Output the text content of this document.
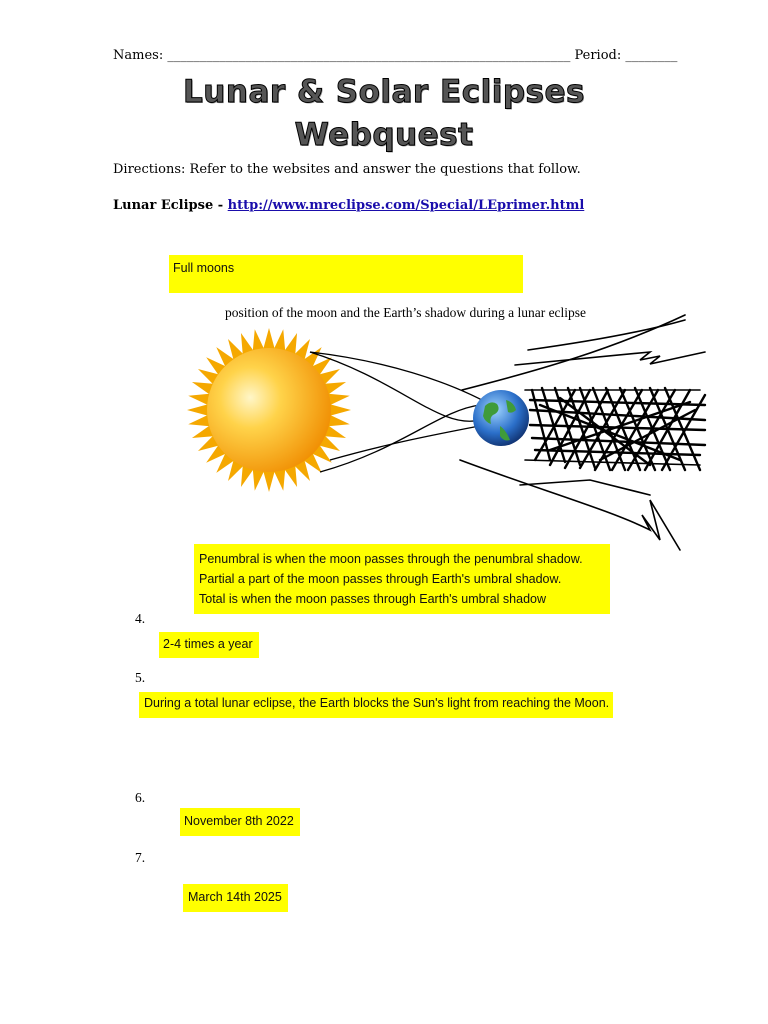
Names: ______________________________________________________________ Period: ________
Lunar & Solar Eclipses
Webquest
Directions: Refer to the websites and answer the questions that follow.
Lunar Eclipse - http://www.mreclipse.com/Special/LEprimer.html
Full moons
position of the moon and the Earth’s shadow during a lunar eclipse
Penumbral is when the moon passes through the penumbral shadow.
Partial a part of the moon passes through Earth's umbral shadow.
Total is when the moon passes through Earth's umbral shadow
4.
2-4 times a year
5.
During a total lunar eclipse, the Earth blocks the Sun's light from reaching the Moon.
6.
November 8th 2022
7.
March 14th 2025
